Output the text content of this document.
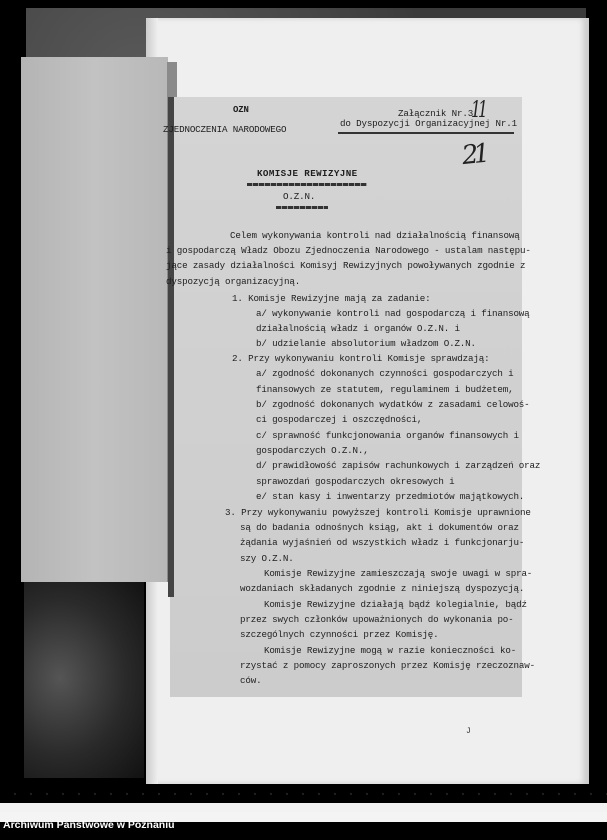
OZN
ZJEDNOCZENIA NARODOWEGO
Załącznik Nr.3
do Dyspozycji Organizacyjnej Nr.1
11
21
KOMISJE REWIZYJNE
O.Z.N.
Celem wykonywania kontroli nad działalnością finansową
i gospodarczą Władz Obozu Zjednoczenia Narodowego - ustalam następu-
jące zasady działalności Komisyj Rewizyjnych powoływanych zgodnie z
dyspozycją organizacyjną.
1. Komisje Rewizyjne mają za zadanie:
a/ wykonywanie kontroli nad gospodarczą i finansową
działalnością władz i organów O.Z.N. i
b/ udzielanie absolutorium władzom O.Z.N.
2. Przy wykonywaniu kontroli Komisje sprawdzają:
a/ zgodność dokonanych czynności gospodarczych i
finansowych ze statutem, regulaminem i budżetem,
b/ zgodność dokonanych wydatków z zasadami celowoś-
ci gospodarczej i oszczędności,
c/ sprawność funkcjonowania organów finansowych i
gospodarczych O.Z.N.,
d/ prawidłowość zapisów rachunkowych i zarządzeń oraz
sprawozdań gospodarczych okresowych i
e/ stan kasy i inwentarzy przedmiotów majątkowych.
3. Przy wykonywaniu powyższej kontroli Komisje uprawnione
są do badania odnośnych ksiąg, akt i dokumentów oraz
żądania wyjaśnień od wszystkich władz i funkcjonarju-
szy O.Z.N.
Komisje Rewizyjne zamieszczają swoje uwagi w spra-
wozdaniach składanych zgodnie z niniejszą dyspozycją.
Komisje Rewizyjne działają bądź kolegialnie, bądź
przez swych członków upoważnionych do wykonania po-
szczególnych czynności przez Komisję.
Komisje Rewizyjne mogą w razie konieczności ko-
rzystać z pomocy zaproszonych przez Komisję rzeczoznaw-
ców.
J
Archiwum Państwowe w Poznaniu
